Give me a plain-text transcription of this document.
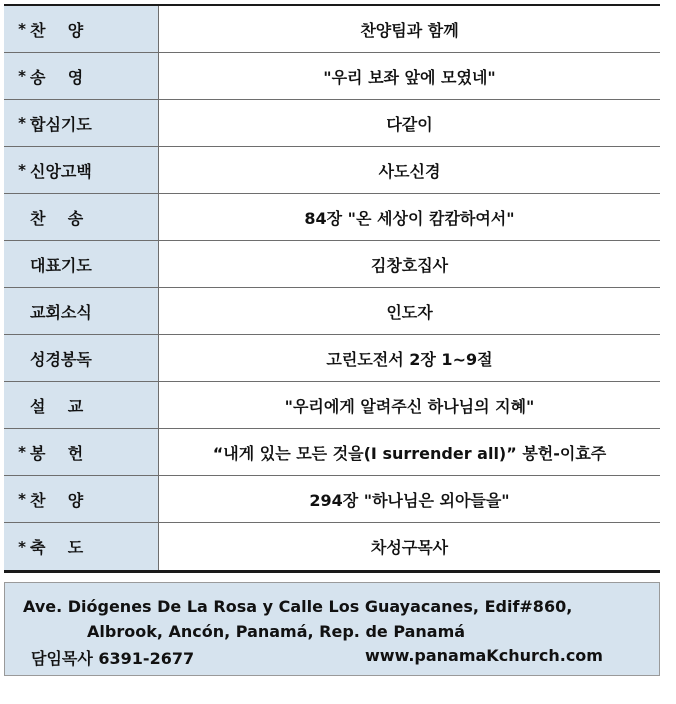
* 찬    양	찬양팀과 함께
* 송    영	"우리 보좌 앞에 모였네"
* 합심기도	다같이
* 신앙고백	사도신경
찬    송	84장 "온 세상이 캄캄하여서"
대표기도	김창호집사
교회소식	인도자
성경봉독	고린도전서 2장 1~9절
설    교	"우리에게 알려주신 하나님의 지혜"
* 봉    헌	“내게 있는 모든 것을(I surrender all)” 봉헌-이효주
* 찬    양	294장 "하나님은 외아들을"
* 축    도	차성구목사
Ave. Diógenes De La Rosa y Calle Los Guayacanes, Edif#860,
Albrook, Ancón, Panamá, Rep. de Panamá
담임목사 6391-2677	www.panamaKchurch.com
